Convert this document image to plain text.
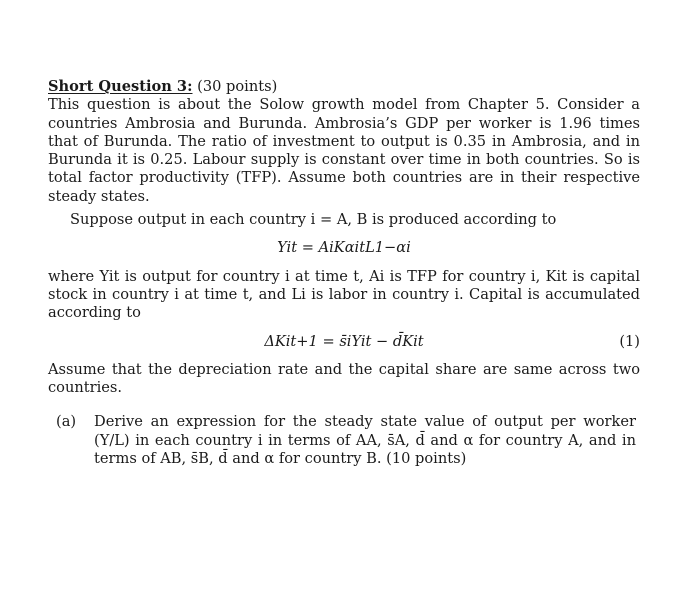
Short Question 3: (30 points)

This question is about the Solow growth model from Chapter 5. Consider a countries Ambrosia and Burunda. Ambrosia’s GDP per worker is 1.96 times that of Burunda. The ratio of investment to output is 0.35 in Ambrosia, and in Burunda it is 0.25. Labour supply is constant over time in both countries. So is total factor productivity (TFP). Assume both countries are in their respective steady states.

Suppose output in each country i = A, B is produced according to

Yit = AiKαitL1−αi

where Yit is output for country i at time t, Ai is TFP for country i, Kit is capital stock in country i at time t, and Li is labor in country i. Capital is accumulated according to

ΔKit+1 = s̄iYit − d̄Kit	(1)

Assume that the depreciation rate and the capital share are same across two countries.

(a)	Derive an expression for the steady state value of output per worker (Y/L) in each country i in terms of AA, s̄A, d̄ and α for country A, and in terms of AB, s̄B, d̄ and α for country B. (10 points)
